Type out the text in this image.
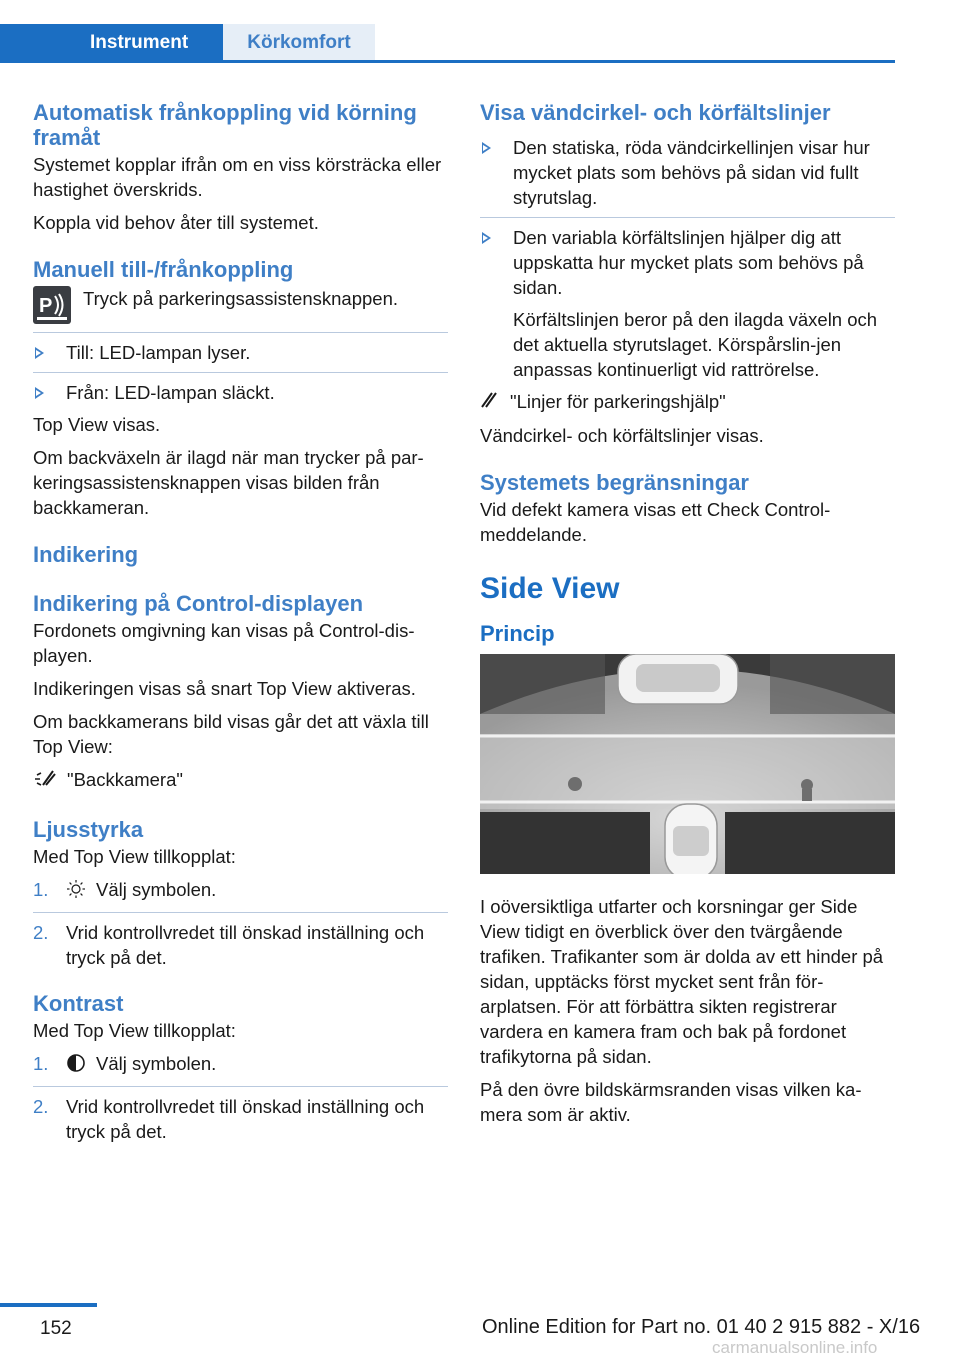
Instrument	Körkomfort
Automatisk frånkoppling vid körning framåt

Systemet kopplar ifrån om en viss körsträcka eller hastighet överskrids.

Koppla vid behov åter till systemet.

Manuell till-/frånkoppling
P Tryck på parkeringsassistensknappen.
Till: LED-lampan lyser.
Från: LED-lampan släckt.

Top View visas.

Om backväxeln är ilagd när man trycker på par-keringsassistensknappen visas bilden från backkameran.

Indikering
Indikering på Control-displayen

Fordonets omgivning kan visas på Control-dis-playen.

Indikeringen visas så snart Top View aktiveras.

Om backkamerans bild visas går det att växla till Top View:

"Backkamera"
Ljusstyrka

Med Top View tillkopplat:

1.	Välj symbolen.
2. Vrid kontrollvredet till önskad inställning och tryck på det.
Kontrast

Med Top View tillkopplat:

1.	Välj symbolen.
2. Vrid kontrollvredet till önskad inställning och tryck på det.
Visa vändcirkel- och körfältslinjer
Den statiska, röda vändcirkellinjen visar hur mycket plats som behövs på sidan vid fullt styrutslag.
Den variabla körfältslinjen hjälper dig att uppskatta hur mycket plats som behövs på sidan.
Körfältslinjen beror på den ilagda växeln och det aktuella styrutslaget. Körspårslin-jen anpassas kontinuerligt vid rattrörelse.
"Linjer för parkeringshjälp"

Vändcirkel- och körfältslinjer visas.

Systemets begränsningar

Vid defekt kamera visas ett Check Control-meddelande.

Side View
Princip

I oöversiktliga utfarter och korsningar ger Side View tidigt en överblick över den tvärgående trafiken. Trafikanter som är dolda av ett hinder på sidan, upptäcks först mycket sent från för-arplatsen. För att förbättra sikten registrerar vardera en kamera fram och bak på fordonet trafikytorna på sidan.

På den övre bildskärmsranden visas vilken ka-mera som är aktiv.

152	Online Edition for Part no. 01 40 2 915 882 - X/16
carmanualsonline.info
